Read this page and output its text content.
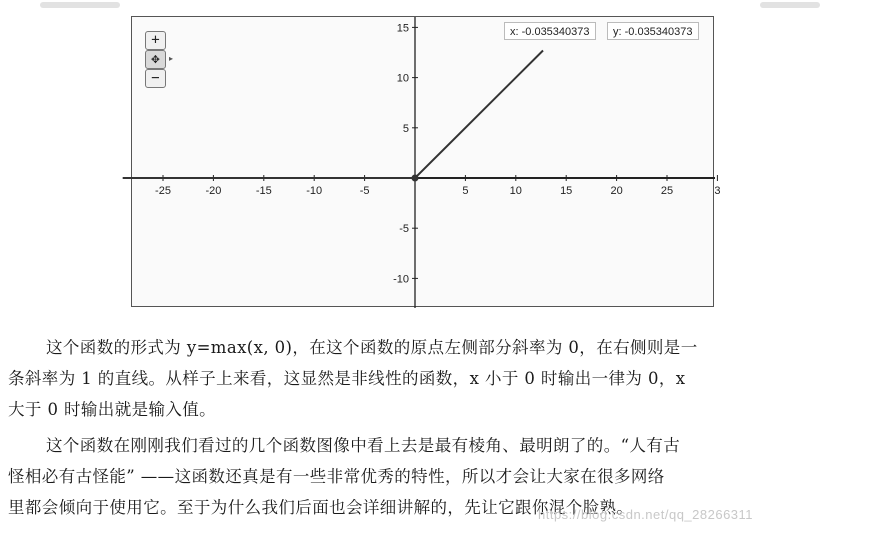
-25	-20	-15	-10	-5	5	10	15	20	25	3
-10
-5
5
10
15
+
✥	▸
−
x: -0.035340373	y: -0.035340373
这个函数的形式为 y=max(x, 0)，在这个函数的原点左侧部分斜率为 0，在右侧则是一
条斜率为 1 的直线。从样子上来看，这显然是非线性的函数，x 小于 0 时输出一律为 0，x
大于 0 时输出就是输入值。
这个函数在刚刚我们看过的几个函数图像中看上去是最有棱角、最明朗了的。“人有古
怪相必有古怪能” ——这函数还真是有一些非常优秀的特性，所以才会让大家在很多网络
里都会倾向于使用它。至于为什么我们后面也会详细讲解的，先让它跟你混个脸熟。
https://blog.csdn.net/qq_28266311
